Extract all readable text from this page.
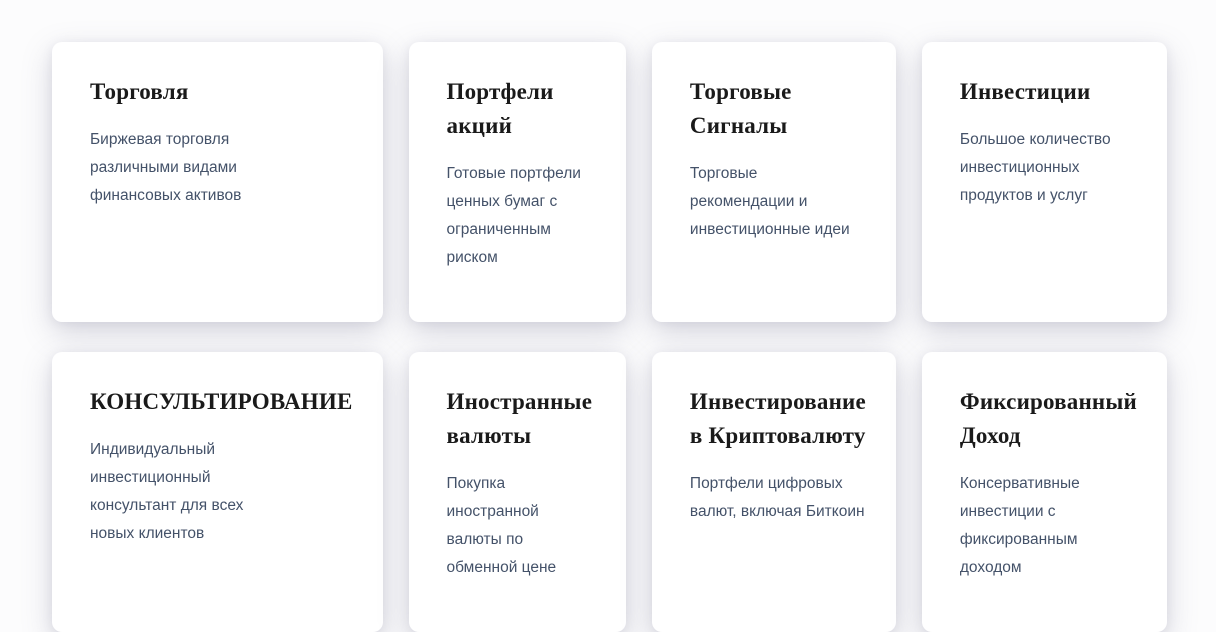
Торговля
Биржевая торговля различными видами финансовых активов
Портфели акций
Готовые портфели ценных бумаг с ограниченным риском
Торговые Сигналы
Торговые рекомендации и инвестиционные идеи
Инвестиции
Большое количество инвестиционных продуктов и услуг
КОНСУЛЬТИРОВАНИЕ
Индивидуальный инвестиционный консультант для всех новых клиентов
Иностранные валюты
Покупка иностранной валюты по обменной цене
Инвестирование в Криптовалюту
Портфели цифровых валют, включая Биткоин
Фиксированный Доход
Консервативные инвестиции с фиксированным доходом
